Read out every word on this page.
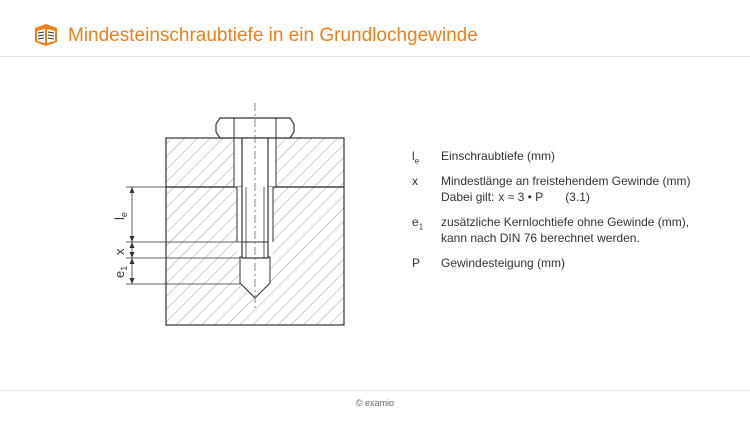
Mindesteinschraubtiefe in ein Grundlochgewinde
$l_e$
x
$e_1$
$l_e$	Einschraubtiefe (mm)
x	Mindestlänge an freistehendem Gewinde (mm)
Dabei gilt: x ≈ 3 • P (3.1)
$e_1$	zusätzliche Kernlochtiefe ohne Gewinde (mm),
kann nach DIN 76 berechnet werden.
P	Gewindesteigung (mm)
© examio
